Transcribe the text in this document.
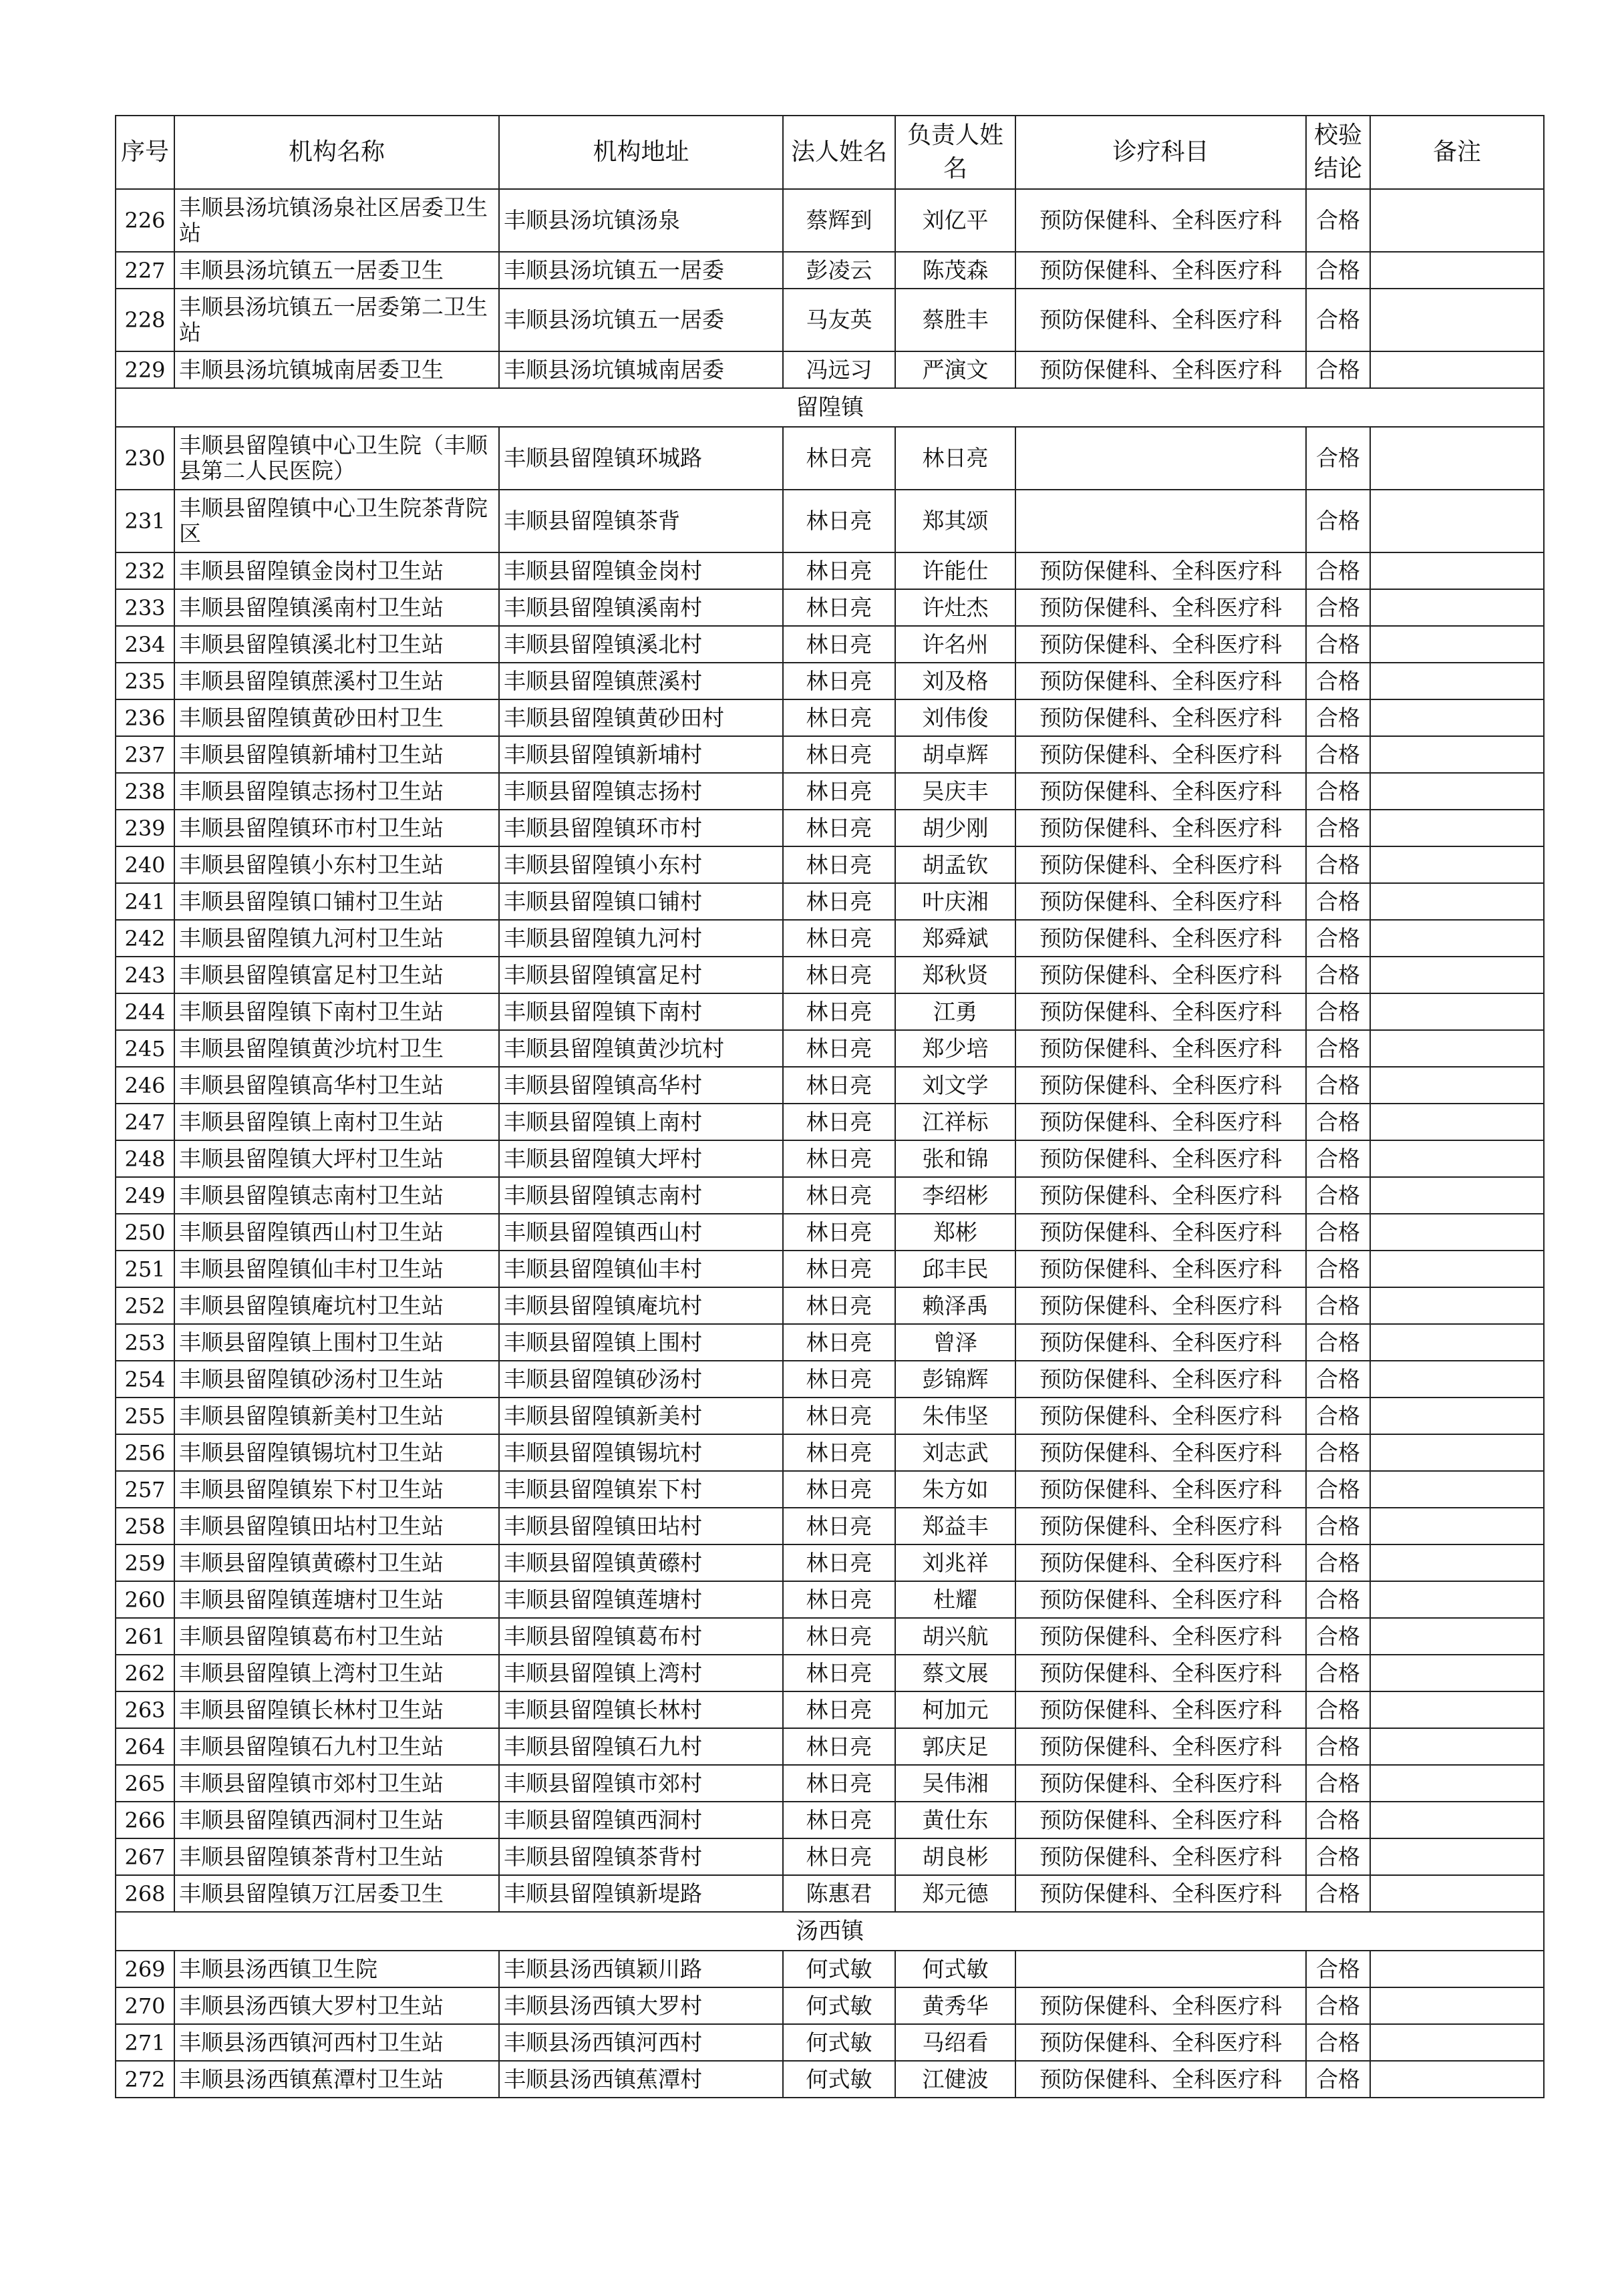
序号	机构名称	机构地址	法人姓名	负责人姓名	诊疗科目	校验结论	备注
226	丰顺县汤坑镇汤泉社区居委卫生站	丰顺县汤坑镇汤泉	蔡辉到	刘亿平	预防保健科、全科医疗科	合格	
227	丰顺县汤坑镇五一居委卫生	丰顺县汤坑镇五一居委	彭凌云	陈茂森	预防保健科、全科医疗科	合格	
228	丰顺县汤坑镇五一居委第二卫生站	丰顺县汤坑镇五一居委	马友英	蔡胜丰	预防保健科、全科医疗科	合格	
229	丰顺县汤坑镇城南居委卫生	丰顺县汤坑镇城南居委	冯远习	严演文	预防保健科、全科医疗科	合格	
留隍镇							
230	丰顺县留隍镇中心卫生院（丰顺县第二人民医院）	丰顺县留隍镇环城路	林日亮	林日亮		合格	
231	丰顺县留隍镇中心卫生院茶背院区	丰顺县留隍镇茶背	林日亮	郑其颂		合格	
232	丰顺县留隍镇金岗村卫生站	丰顺县留隍镇金岗村	林日亮	许能仕	预防保健科、全科医疗科	合格	
233	丰顺县留隍镇溪南村卫生站	丰顺县留隍镇溪南村	林日亮	许灶杰	预防保健科、全科医疗科	合格	
234	丰顺县留隍镇溪北村卫生站	丰顺县留隍镇溪北村	林日亮	许名州	预防保健科、全科医疗科	合格	
235	丰顺县留隍镇蔗溪村卫生站	丰顺县留隍镇蔗溪村	林日亮	刘及格	预防保健科、全科医疗科	合格	
236	丰顺县留隍镇黄砂田村卫生	丰顺县留隍镇黄砂田村	林日亮	刘伟俊	预防保健科、全科医疗科	合格	
237	丰顺县留隍镇新埔村卫生站	丰顺县留隍镇新埔村	林日亮	胡卓辉	预防保健科、全科医疗科	合格	
238	丰顺县留隍镇志扬村卫生站	丰顺县留隍镇志扬村	林日亮	吴庆丰	预防保健科、全科医疗科	合格	
239	丰顺县留隍镇环市村卫生站	丰顺县留隍镇环市村	林日亮	胡少刚	预防保健科、全科医疗科	合格	
240	丰顺县留隍镇小东村卫生站	丰顺县留隍镇小东村	林日亮	胡孟钦	预防保健科、全科医疗科	合格	
241	丰顺县留隍镇口铺村卫生站	丰顺县留隍镇口铺村	林日亮	叶庆湘	预防保健科、全科医疗科	合格	
242	丰顺县留隍镇九河村卫生站	丰顺县留隍镇九河村	林日亮	郑舜斌	预防保健科、全科医疗科	合格	
243	丰顺县留隍镇富足村卫生站	丰顺县留隍镇富足村	林日亮	郑秋贤	预防保健科、全科医疗科	合格	
244	丰顺县留隍镇下南村卫生站	丰顺县留隍镇下南村	林日亮	江勇	预防保健科、全科医疗科	合格	
245	丰顺县留隍镇黄沙坑村卫生	丰顺县留隍镇黄沙坑村	林日亮	郑少培	预防保健科、全科医疗科	合格	
246	丰顺县留隍镇高华村卫生站	丰顺县留隍镇高华村	林日亮	刘文学	预防保健科、全科医疗科	合格	
247	丰顺县留隍镇上南村卫生站	丰顺县留隍镇上南村	林日亮	江祥标	预防保健科、全科医疗科	合格	
248	丰顺县留隍镇大坪村卫生站	丰顺县留隍镇大坪村	林日亮	张和锦	预防保健科、全科医疗科	合格	
249	丰顺县留隍镇志南村卫生站	丰顺县留隍镇志南村	林日亮	李绍彬	预防保健科、全科医疗科	合格	
250	丰顺县留隍镇西山村卫生站	丰顺县留隍镇西山村	林日亮	郑彬	预防保健科、全科医疗科	合格	
251	丰顺县留隍镇仙丰村卫生站	丰顺县留隍镇仙丰村	林日亮	邱丰民	预防保健科、全科医疗科	合格	
252	丰顺县留隍镇庵坑村卫生站	丰顺县留隍镇庵坑村	林日亮	赖泽禹	预防保健科、全科医疗科	合格	
253	丰顺县留隍镇上围村卫生站	丰顺县留隍镇上围村	林日亮	曾泽	预防保健科、全科医疗科	合格	
254	丰顺县留隍镇砂汤村卫生站	丰顺县留隍镇砂汤村	林日亮	彭锦辉	预防保健科、全科医疗科	合格	
255	丰顺县留隍镇新美村卫生站	丰顺县留隍镇新美村	林日亮	朱伟坚	预防保健科、全科医疗科	合格	
256	丰顺县留隍镇锡坑村卫生站	丰顺县留隍镇锡坑村	林日亮	刘志武	预防保健科、全科医疗科	合格	
257	丰顺县留隍镇岽下村卫生站	丰顺县留隍镇岽下村	林日亮	朱方如	预防保健科、全科医疗科	合格	
258	丰顺县留隍镇田坫村卫生站	丰顺县留隍镇田坫村	林日亮	郑益丰	预防保健科、全科医疗科	合格	
259	丰顺县留隍镇黄礤村卫生站	丰顺县留隍镇黄礤村	林日亮	刘兆祥	预防保健科、全科医疗科	合格	
260	丰顺县留隍镇莲塘村卫生站	丰顺县留隍镇莲塘村	林日亮	杜耀	预防保健科、全科医疗科	合格	
261	丰顺县留隍镇葛布村卫生站	丰顺县留隍镇葛布村	林日亮	胡兴航	预防保健科、全科医疗科	合格	
262	丰顺县留隍镇上湾村卫生站	丰顺县留隍镇上湾村	林日亮	蔡文展	预防保健科、全科医疗科	合格	
263	丰顺县留隍镇长林村卫生站	丰顺县留隍镇长林村	林日亮	柯加元	预防保健科、全科医疗科	合格	
264	丰顺县留隍镇石九村卫生站	丰顺县留隍镇石九村	林日亮	郭庆足	预防保健科、全科医疗科	合格	
265	丰顺县留隍镇市郊村卫生站	丰顺县留隍镇市郊村	林日亮	吴伟湘	预防保健科、全科医疗科	合格	
266	丰顺县留隍镇西洞村卫生站	丰顺县留隍镇西洞村	林日亮	黄仕东	预防保健科、全科医疗科	合格	
267	丰顺县留隍镇茶背村卫生站	丰顺县留隍镇茶背村	林日亮	胡良彬	预防保健科、全科医疗科	合格	
268	丰顺县留隍镇万江居委卫生	丰顺县留隍镇新堤路	陈惠君	郑元德	预防保健科、全科医疗科	合格	
汤西镇							
269	丰顺县汤西镇卫生院	丰顺县汤西镇颖川路	何式敏	何式敏		合格	
270	丰顺县汤西镇大罗村卫生站	丰顺县汤西镇大罗村	何式敏	黄秀华	预防保健科、全科医疗科	合格	
271	丰顺县汤西镇河西村卫生站	丰顺县汤西镇河西村	何式敏	马绍看	预防保健科、全科医疗科	合格	
272	丰顺县汤西镇蕉潭村卫生站	丰顺县汤西镇蕉潭村	何式敏	江健波	预防保健科、全科医疗科	合格	
